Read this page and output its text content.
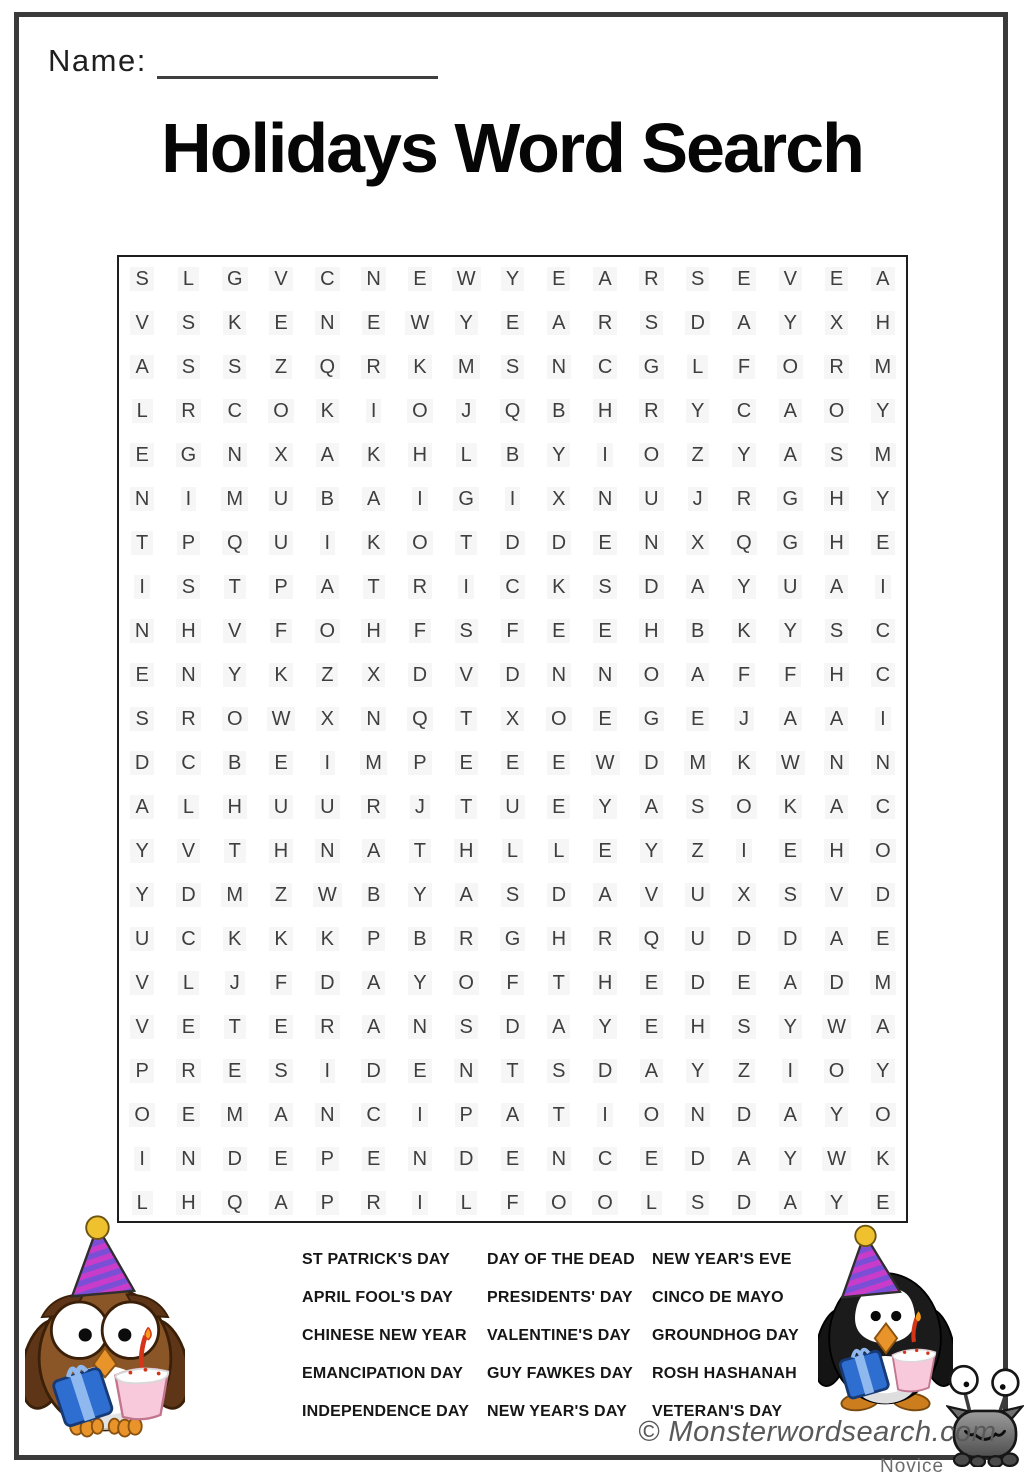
Name:
Holidays Word Search
S L G V C N E W Y E A R S E V E A
V S K E N E W Y E A R S D A Y X H
A S S Z Q R K M S N C G L F O R M
L R C O K I O J Q B H R Y C A O Y
E G N X A K H L B Y I O Z Y A S M
N I M U B A I G I X N U J R G H Y
T P Q U I K O T D D E N X Q G H E
I S T P A T R I C K S D A Y U A I
N H V F O H F S F E E H B K Y S C
E N Y K Z X D V D N N O A F F H C
S R O W X N Q T X O E G E J A A I
D C B E I M P E E E W D M K W N N
A L H U U R J T U E Y A S O K A C
Y V T H N A T H L L E Y Z I E H O
Y D M Z W B Y A S D A V U X S V D
U C K K K P B R G H R Q U D D A E
V L J F D A Y O F T H E D E A D M
V E T E R A N S D A Y E H S Y W A
P R E S I D E N T S D A Y Z I O Y
O E M A N C I P A T I O N D A Y O
I N D E P E N D E N C E D A Y W K
L H Q A P R I L F O O L S D A Y E
ST PATRICK'S DAY
APRIL FOOL'S DAY
CHINESE NEW YEAR
EMANCIPATION DAY
INDEPENDENCE DAY
DAY OF THE DEAD
PRESIDENTS' DAY
VALENTINE'S DAY
GUY FAWKES DAY
NEW YEAR'S DAY
NEW YEAR'S EVE
CINCO DE MAYO
GROUNDHOG DAY
ROSH HASHANAH
VETERAN'S DAY
© Monsterwordsearch.com
Novice
